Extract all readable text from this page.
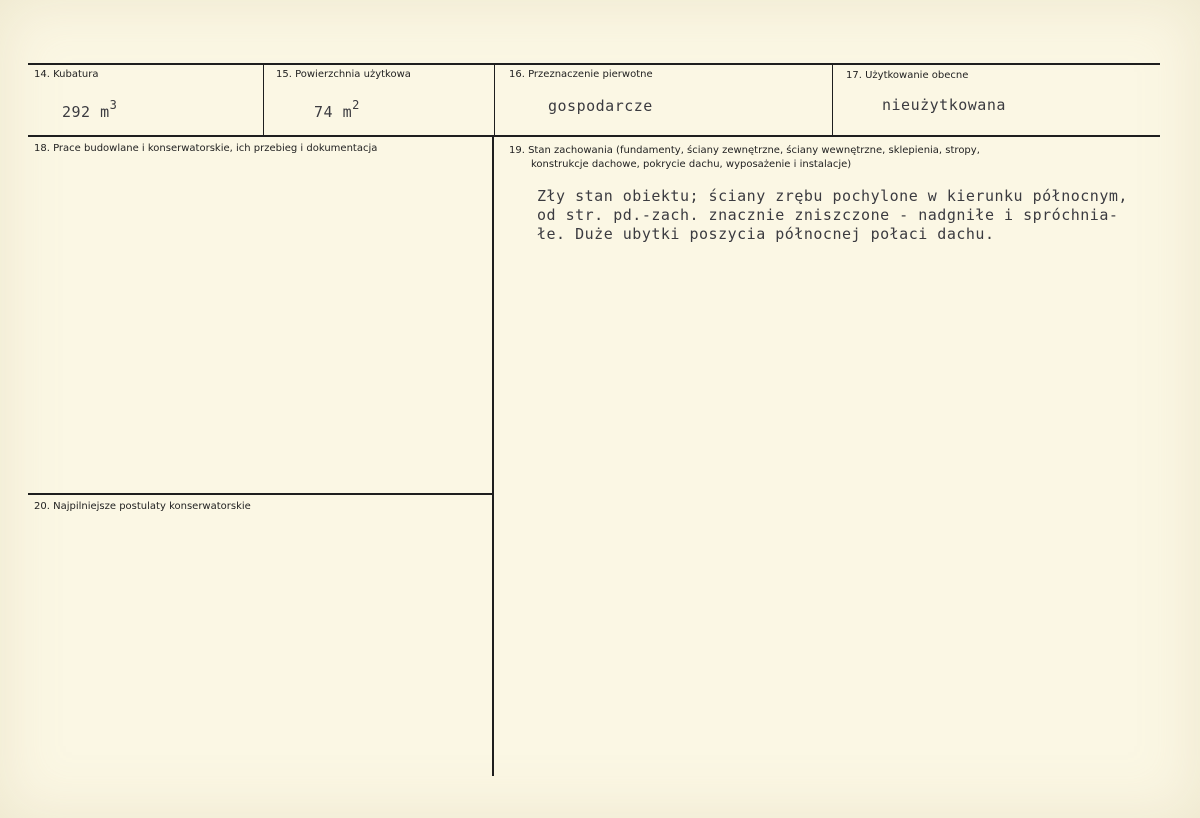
14. Kubatura
292 $m^3$
15. Powierzchnia użytkowa
74 $m^2$
16. Przeznaczenie pierwotne
gospodarcze
17. Użytkowanie obecne
nieużytkowana
18. Prace budowlane i konserwatorskie, ich przebieg i dokumentacja	19. Stan zachowania (fundamenty, ściany zewnętrzne, ściany wewnętrzne, sklepienia, stropy,
konstrukcje dachowe, pokrycie dachu, wyposażenie i instalacje)
Zły stan obiektu; ściany zrębu pochylone w kierunku północnym,
od str. pd.-zach. znacznie zniszczone - nadgniłe i spróchnia-
łe. Duże ubytki poszycia północnej połaci dachu.
20. Najpilniejsze postulaty konserwatorskie
